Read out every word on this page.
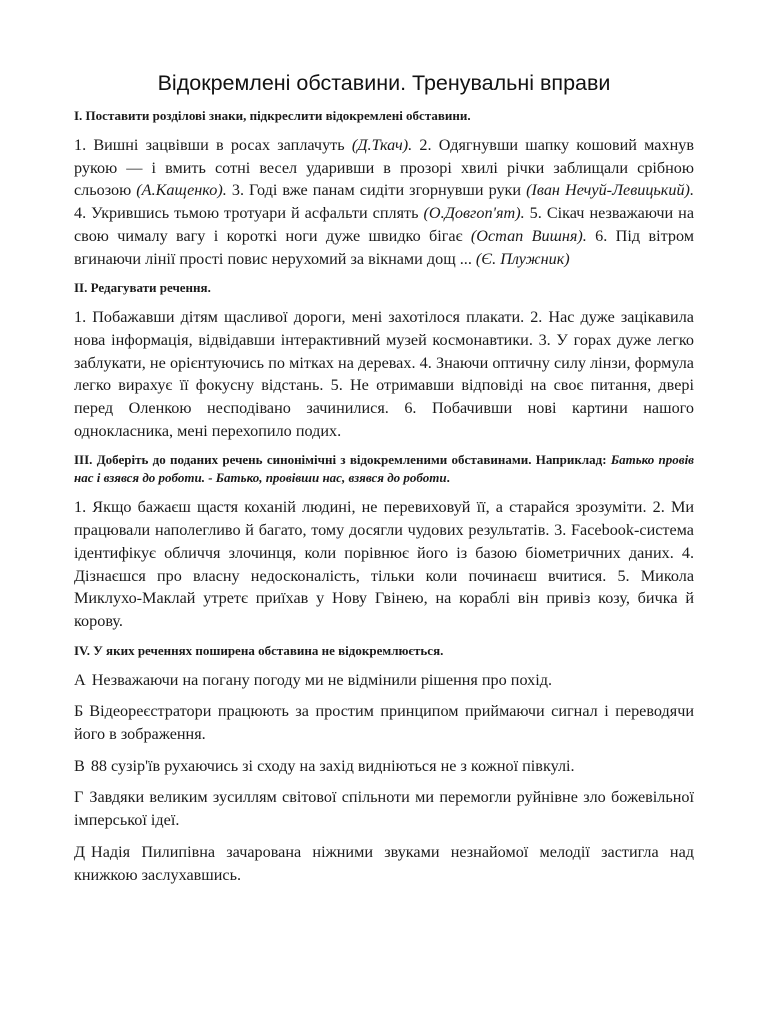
Відокремлені обставини. Тренувальні вправи
I. Поставити розділові знаки, підкреслити відокремлені обставини.
1. Вишні зацвівши в росах заплачуть (Д.Ткач). 2. Одягнувши шапку кошовий махнув рукою — і вмить сотні весел ударивши в прозорі хвилі річки заблищали срібною сльозою (А.Кащенко). 3. Годі вже панам сидіти згорнувши руки (Іван Нечуй-Левицький). 4. Укрившись тьмою тротуари й асфальти сплять (О.Довгоп'ят). 5. Сікач незважаючи на свою чималу вагу і короткі ноги дуже швидко бігає (Остап Вишня). 6. Під вітром вгинаючи лінії прості повис нерухомий за вікнами дощ ... (Є. Плужник)
II. Редагувати речення.
1. Побажавши дітям щасливої дороги, мені захотілося плакати. 2. Нас дуже зацікавила нова інформація, відвідавши інтерактивний музей космонавтики. 3. У горах дуже легко заблукати, не орієнтуючись по мітках на деревах. 4. Знаючи оптичну силу лінзи, формула легко вирахує її фокусну відстань. 5. Не отримавши відповіді на своє питання, двері перед Оленкою несподівано зачинилися. 6. Побачивши нові картини нашого однокласника, мені перехопило подих.
III. Доберіть до поданих речень синонімічні з відокремленими обставинами. Наприклад: Батько провів нас і взявся до роботи. - Батько, провівши нас, взявся до роботи.
1. Якщо бажаєш щастя коханій людині, не перевиховуй її, а старайся зрозуміти. 2. Ми працювали наполегливо й багато, тому досягли чудових результатів. 3. Facebook-система ідентифікує обличчя злочинця, коли порівнює його із базою біометричних даних. 4. Дізнаєшся про власну недосконалість, тільки коли починаєш вчитися. 5. Микола Миклухо-Маклай утретє приїхав у Нову Гвінею, на кораблі він привіз козу, бичка й корову.
IV. У яких реченнях поширена обставина не відокремлюється.
А Незважаючи на погану погоду ми не відмінили рішення про похід.
Б Відеореєстратори працюють за простим принципом приймаючи сигнал і переводячи його в зображення.
В 88 сузір'їв рухаючись зі сходу на захід видніються не з кожної півкулі.
Г Завдяки великим зусиллям світової спільноти ми перемогли руйнівне зло божевільної імперської ідеї.
Д Надія Пилипівна зачарована ніжними звуками незнайомої мелодії застигла над книжкою заслухавшись.
